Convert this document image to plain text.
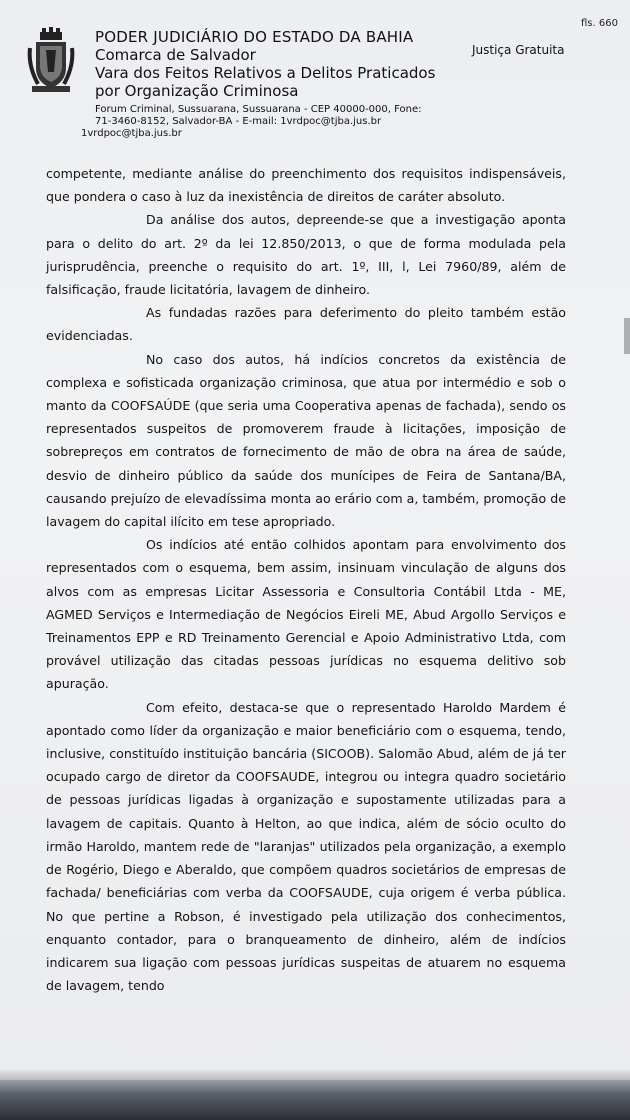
fls. 660
Justiça Gratuita
PODER JUDICIÁRIO DO ESTADO DA BAHIA
Comarca de Salvador
Vara dos Feitos Relativos a Delitos Praticados
por Organização Criminosa
Forum Criminal, Sussuarana, Sussuarana - CEP 40000-000, Fone:
71-3460-8152, Salvador-BA - E-mail: 1vrdpoc@tjba.jus.br
1vrdpoc@tjba.jus.br

competente, mediante análise do preenchimento dos requisitos indispensáveis, que pondera o caso à luz da inexistência de direitos de caráter absoluto.

Da análise dos autos, depreende-se que a investigação aponta para o delito do art. 2º da lei 12.850/2013, o que de forma modulada pela jurisprudência, preenche o requisito do art. 1º, III, l, Lei 7960/89, além de falsificação, fraude licitatória, lavagem de dinheiro.

As fundadas razões para deferimento do pleito também estão evidenciadas.

No caso dos autos, há indícios concretos da existência de complexa e sofisticada organização criminosa, que atua por intermédio e sob o manto da COOFSAÚDE (que seria uma Cooperativa apenas de fachada), sendo os representados suspeitos de promoverem fraude à licitações, imposição de sobrepreços em contratos de fornecimento de mão de obra na área de saúde, desvio de dinheiro público da saúde dos munícipes de Feira de Santana/BA, causando prejuízo de elevadíssima monta ao erário com a, também, promoção de lavagem do capital ilícito em tese apropriado.

Os indícios até então colhidos apontam para envolvimento dos representados com o esquema, bem assim, insinuam vinculação de alguns dos alvos com as empresas Licitar Assessoria e Consultoria Contábil Ltda - ME, AGMED Serviços e Intermediação de Negócios Eireli ME, Abud Argollo Serviços e Treinamentos EPP e RD Treinamento Gerencial e Apoio Administrativo Ltda, com provável utilização das citadas pessoas jurídicas no esquema delitivo sob apuração.

Com efeito, destaca-se que o representado Haroldo Mardem é apontado como líder da organização e maior beneficiário com o esquema, tendo, inclusive, constituído instituição bancária (SICOOB). Salomão Abud, além de já ter ocupado cargo de diretor da COOFSAUDE, integrou ou integra quadro societário de pessoas jurídicas ligadas à organização e supostamente utilizadas para a lavagem de capitais. Quanto à Helton, ao que indica, além de sócio oculto do irmão Haroldo, mantem rede de "laranjas" utilizados pela organização, a exemplo de Rogério, Diego e Aberaldo, que compõem quadros societários de empresas de fachada/ beneficiárias com verba da COOFSAUDE, cuja origem é verba pública. No que pertine a Robson, é investigado pela utilização dos conhecimentos, enquanto contador, para o branqueamento de dinheiro, além de indícios indicarem sua ligação com pessoas jurídicas suspeitas de atuarem no esquema de lavagem, tendo
